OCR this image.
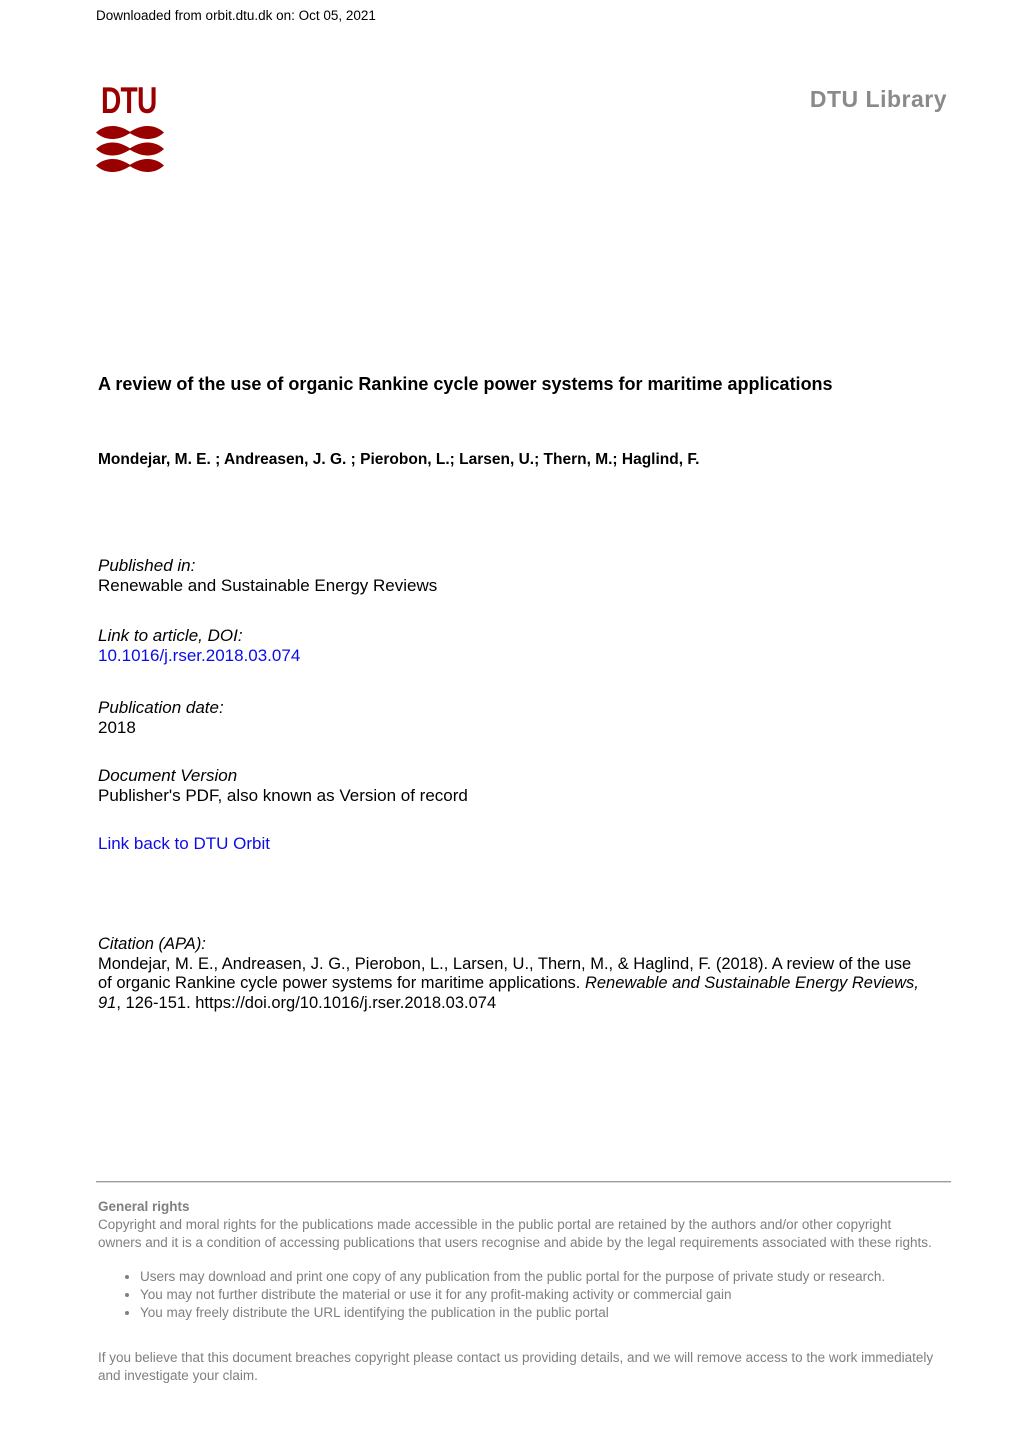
Downloaded from orbit.dtu.dk on: Oct 05, 2021
DTU	DTU Library
A review of the use of organic Rankine cycle power systems for maritime applications
Mondejar, M. E. ; Andreasen, J. G. ; Pierobon, L.; Larsen, U.; Thern, M.; Haglind, F.
Published in:
Renewable and Sustainable Energy Reviews
Link to article, DOI:
10.1016/j.rser.2018.03.074
Publication date:
2018
Document Version
Publisher's PDF, also known as Version of record
Link back to DTU Orbit
Citation (APA):
Mondejar, M. E., Andreasen, J. G., Pierobon, L., Larsen, U., Thern, M., & Haglind, F. (2018). A review of the use
of organic Rankine cycle power systems for maritime applications. Renewable and Sustainable Energy Reviews,
91, 126-151. https://doi.org/10.1016/j.rser.2018.03.074
General rights
Copyright and moral rights for the publications made accessible in the public portal are retained by the authors and/or other copyright
owners and it is a condition of accessing publications that users recognise and abide by the legal requirements associated with these rights.
• Users may download and print one copy of any publication from the public portal for the purpose of private study or research.
• You may not further distribute the material or use it for any profit-making activity or commercial gain
• You may freely distribute the URL identifying the publication in the public portal
If you believe that this document breaches copyright please contact us providing details, and we will remove access to the work immediately
and investigate your claim.
